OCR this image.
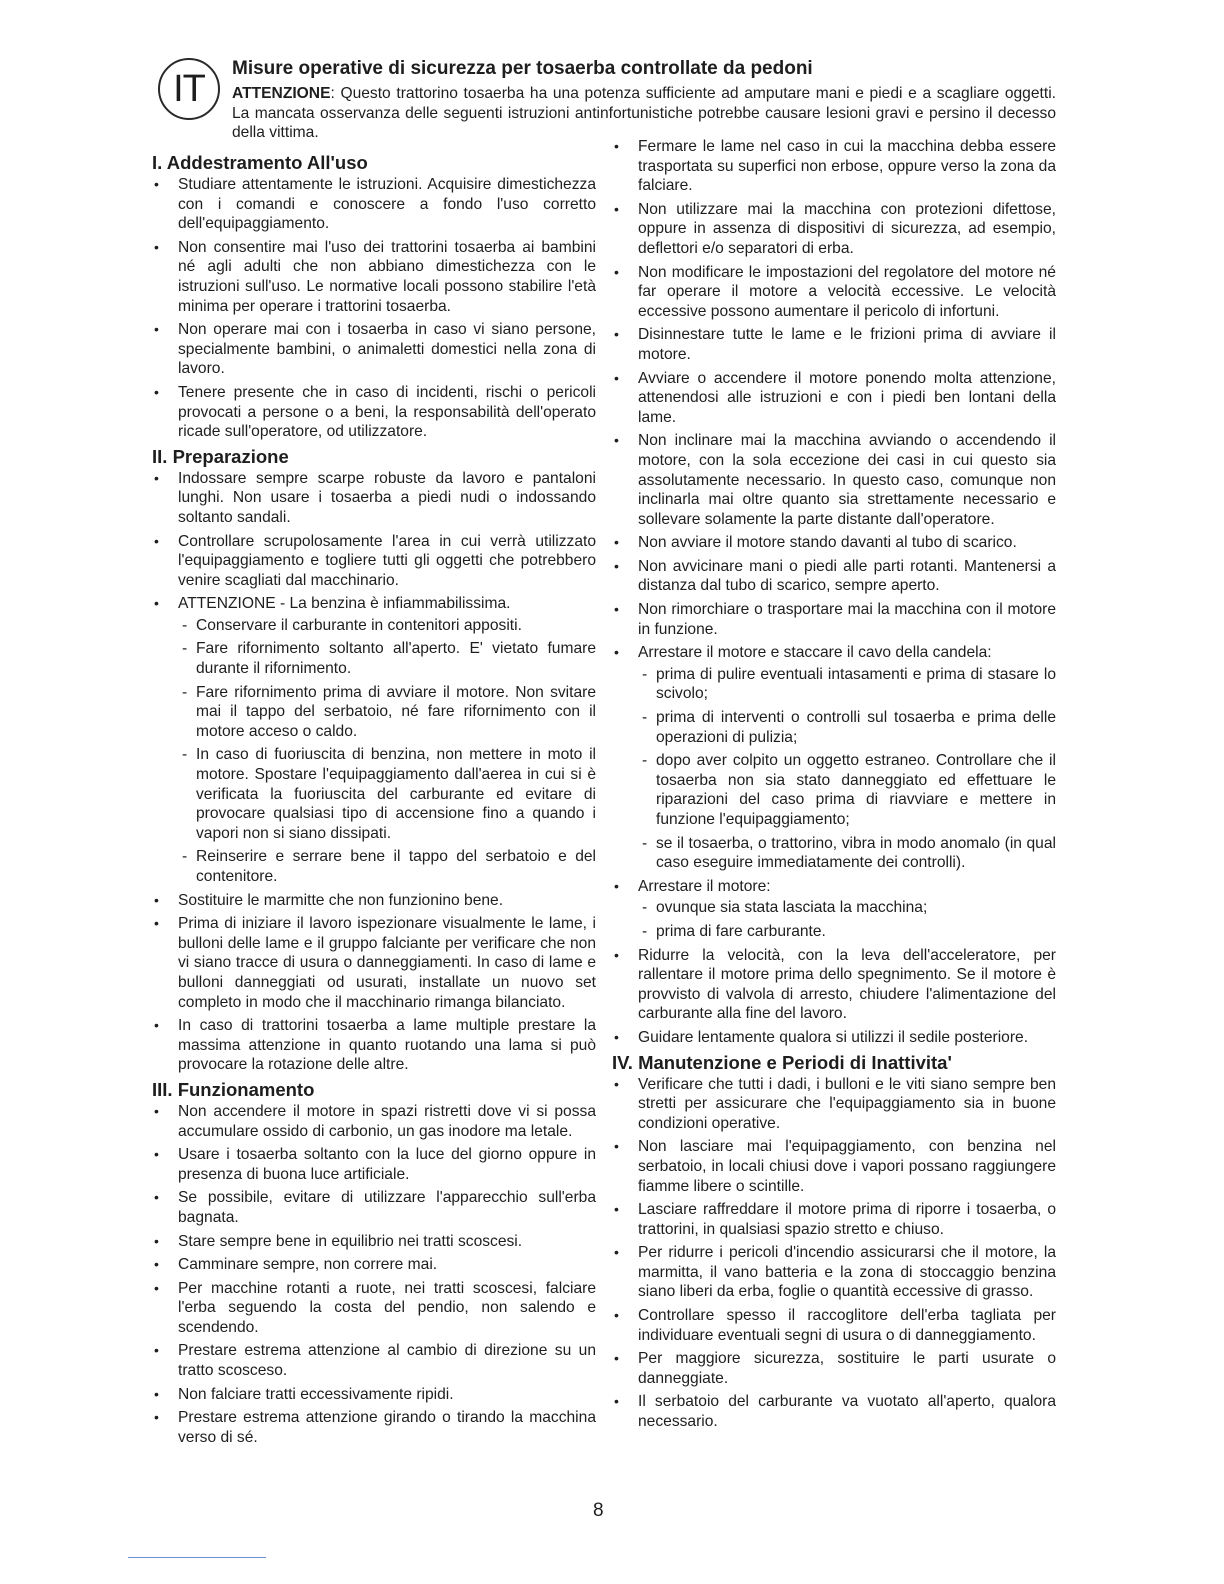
IT	Misure operative di sicurezza per tosaerba controllate da pedoni
ATTENZIONE: Questo trattorino tosaerba ha una potenza sufficiente ad amputare mani e piedi e a scagliare oggetti. La mancata osservanza delle seguenti istruzioni antinfortunistiche potrebbe causare lesioni gravi e persino il decesso della vittima.
I. Addestramento All'uso
• Studiare attentamente le istruzioni. Acquisire dimestichezza con i comandi e conoscere a fondo l'uso corretto dell'equipaggiamento.
• Non consentire mai l'uso dei trattorini tosaerba ai bambini né agli adulti che non abbiano dimestichezza con le istruzioni sull'uso. Le normative locali possono stabilire l'età minima per operare i trattorini tosaerba.
• Non operare mai con i tosaerba in caso vi siano persone, specialmente bambini, o animaletti domestici nella zona di lavoro.
• Tenere presente che in caso di incidenti, rischi o pericoli provocati a persone o a beni, la responsabilità dell'operato ricade sull'operatore, od utilizzatore.
II. Preparazione
• Indossare sempre scarpe robuste da lavoro e pantaloni lunghi. Non usare i tosaerba a piedi nudi o indossando soltanto sandali.
• Controllare scrupolosamente l'area in cui verrà utilizzato l'equipaggiamento e togliere tutti gli oggetti che potrebbero venire scagliati dal macchinario.
• ATTENZIONE - La benzina è infiammabilissima.
- Conservare il carburante in contenitori appositi.
- Fare rifornimento soltanto all'aperto. E' vietato fumare durante il rifornimento.
- Fare rifornimento prima di avviare il motore. Non svitare mai il tappo del serbatoio, né fare rifornimento con il motore acceso o caldo.
- In caso di fuoriuscita di benzina, non mettere in moto il motore. Spostare l'equipaggiamento dall'aerea in cui si è verificata la fuoriuscita del carburante ed evitare di provocare qualsiasi tipo di accensione fino a quando i vapori non si siano dissipati.
- Reinserire e serrare bene il tappo del serbatoio e del contenitore.
• Sostituire le marmitte che non funzionino bene.
• Prima di iniziare il lavoro ispezionare visualmente le lame, i bulloni delle lame e il gruppo falciante per verificare che non vi siano tracce di usura o danneggiamenti. In caso di lame e bulloni danneggiati od usurati, installate un nuovo set completo in modo che il macchinario rimanga bilanciato.
• In caso di trattorini tosaerba a lame multiple prestare la massima attenzione in quanto ruotando una lama si può provocare la rotazione delle altre.
III. Funzionamento
• Non accendere il motore in spazi ristretti dove vi si possa accumulare ossido di carbonio, un gas inodore ma letale.
• Usare i tosaerba soltanto con la luce del giorno oppure in presenza di buona luce artificiale.
• Se possibile, evitare di utilizzare l'apparecchio sull'erba bagnata.
• Stare sempre bene in equilibrio nei tratti scoscesi.
• Camminare sempre, non correre mai.
• Per macchine rotanti a ruote, nei tratti scoscesi, falciare l'erba seguendo la costa del pendio, non salendo e scendendo.
• Prestare estrema attenzione al cambio di direzione su un tratto scosceso.
• Non falciare tratti eccessivamente ripidi.
• Prestare estrema attenzione girando o tirando la macchina verso di sé.
• Fermare le lame nel caso in cui la macchina debba essere trasportata su superfici non erbose, oppure verso la zona da falciare.
• Non utilizzare mai la macchina con protezioni difettose, oppure in assenza di dispositivi di sicurezza, ad esempio, deflettori e/o separatori di erba.
• Non modificare le impostazioni del regolatore del motore né far operare il motore a velocità eccessive. Le velocità eccessive possono aumentare il pericolo di infortuni.
• Disinnestare tutte le lame e le frizioni prima di avviare il motore.
• Avviare o accendere il motore ponendo molta attenzione, attenendosi alle istruzioni e con i piedi ben lontani della lame.
• Non inclinare mai la macchina avviando o accendendo il motore, con la sola eccezione dei casi in cui questo sia assolutamente necessario. In questo caso, comunque non inclinarla mai oltre quanto sia strettamente necessario e sollevare solamente la parte distante dall'operatore.
• Non avviare il motore stando davanti al tubo di scarico.
• Non avvicinare mani o piedi alle parti rotanti. Mantenersi a distanza dal tubo di scarico, sempre aperto.
• Non rimorchiare o trasportare mai la macchina con il motore in funzione.
• Arrestare il motore e staccare il cavo della candela:
- prima di pulire eventuali intasamenti e prima di stasare lo scivolo;
- prima di interventi o controlli sul tosaerba e prima delle operazioni di pulizia;
- dopo aver colpito un oggetto estraneo. Controllare che il tosaerba non sia stato danneggiato ed effettuare le riparazioni del caso prima di riavviare e mettere in funzione l'equipaggiamento;
- se il tosaerba, o trattorino, vibra in modo anomalo (in qual caso eseguire immediatamente dei controlli).
• Arrestare il motore:
- ovunque sia stata lasciata la macchina;
- prima di fare carburante.
• Ridurre la velocità, con la leva dell'acceleratore, per rallentare il motore prima dello spegnimento. Se il motore è provvisto di valvola di arresto, chiudere l'alimentazione del carburante alla fine del lavoro.
• Guidare lentamente qualora si utilizzi il sedile posteriore.
IV. Manutenzione e Periodi di Inattivita'
• Verificare che tutti i dadi, i bulloni e le viti siano sempre ben stretti per assicurare che l'equipaggiamento sia in buone condizioni operative.
• Non lasciare mai l'equipaggiamento, con benzina nel serbatoio, in locali chiusi dove i vapori possano raggiungere fiamme libere o scintille.
• Lasciare raffreddare il motore prima di riporre i tosaerba, o trattorini, in qualsiasi spazio stretto e chiuso.
• Per ridurre i pericoli d'incendio assicurarsi che il motore, la marmitta, il vano batteria e la zona di stoccaggio benzina siano liberi da erba, foglie o quantità eccessive di grasso.
• Controllare spesso il raccoglitore dell'erba tagliata per individuare eventuali segni di usura o di danneggiamento.
• Per maggiore sicurezza, sostituire le parti usurate o danneggiate.
• Il serbatoio del carburante va vuotato all'aperto, qualora necessario.
8
